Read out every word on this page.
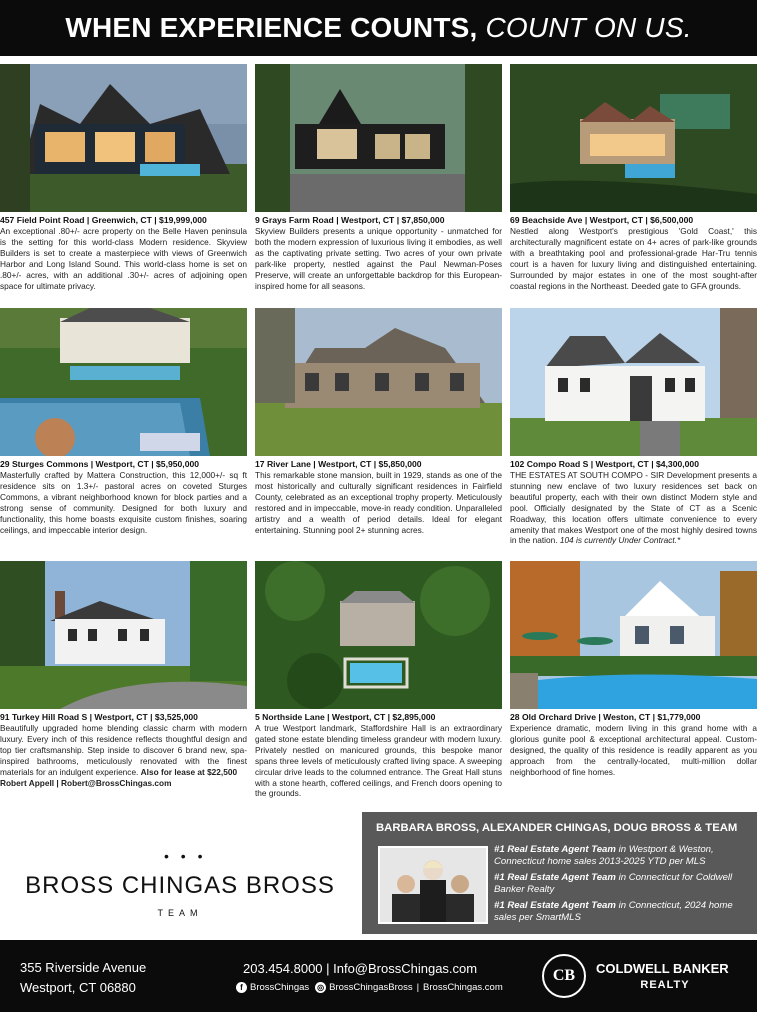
WHEN EXPERIENCE COUNTS, COUNT ON US.
457 Field Point Road | Greenwich, CT | $19,999,000
An exceptional .80+/- acre property on the Belle Haven peninsula is the setting for this world-class Modern residence. Skyview Builders is set to create a masterpiece with views of Greenwich Harbor and Long Island Sound. This world-class home is set on .80+/- acres, with an additional .30+/- acres of adjoining open space for ultimate privacy.
9 Grays Farm Road | Westport, CT | $7,850,000
Skyview Builders presents a unique opportunity - unmatched for both the modern expression of luxurious living it embodies, as well as the captivating private setting. Two acres of your own private park-like property, nestled against the Paul Newman-Poses Preserve, will create an unforgettable backdrop for this European-inspired home for all seasons.
69 Beachside Ave | Westport, CT | $6,500,000
Nestled along Westport's prestigious 'Gold Coast,' this architecturally magnificent estate on 4+ acres of park-like grounds with a breathtaking pool and professional-grade Har-Tru tennis court is a haven for luxury living and distinguished entertaining. Surrounded by major estates in one of the most sought-after coastal regions in the Northeast. Deeded gate to GFA grounds.
29 Sturges Commons | Westport, CT | $5,950,000
Masterfully crafted by Mattera Construction, this 12,000+/- sq ft residence sits on 1.3+/- pastoral acres on coveted Sturges Commons, a vibrant neighborhood known for block parties and a strong sense of community. Designed for both luxury and functionality, this home boasts exquisite custom finishes, soaring ceilings, and impeccable interior design.
17 River Lane | Westport, CT | $5,850,000
This remarkable stone mansion, built in 1929, stands as one of the most historically and culturally significant residences in Fairfield County, celebrated as an exceptional trophy property. Meticulously restored and in impeccable, move-in ready condition. Unparalleled artistry and a wealth of period details. Ideal for elegant entertaining. Stunning pool 2+ stunning acres.
102 Compo Road S | Westport, CT | $4,300,000
THE ESTATES AT SOUTH COMPO - SIR Development presents a stunning new enclave of two luxury residences set back on beautiful property, each with their own distinct Modern style and pool. Officially designated by the State of CT as a Scenic Roadway, this location offers ultimate convenience to every amenity that makes Westport one of the most highly desired towns in the nation. 104 is currently Under Contract.*
91 Turkey Hill Road S | Westport, CT | $3,525,000
Beautifully upgraded home blending classic charm with modern luxury. Every inch of this residence reflects thoughtful design and top tier craftsmanship. Step inside to discover 6 brand new, spa-inspired bathrooms, meticulously renovated with the finest materials for an indulgent experience. Also for lease at $22,500
Robert Appell | Robert@BrossChingas.com
5 Northside Lane | Westport, CT | $2,895,000
A true Westport landmark, Staffordshire Hall is an extraordinary gated stone estate blending timeless grandeur with modern luxury. Privately nestled on manicured grounds, this bespoke manor spans three levels of meticulously crafted living space. A sweeping circular drive leads to the columned entrance. The Great Hall stuns with a stone hearth, coffered ceilings, and French doors opening to the grounds.
28 Old Orchard Drive | Weston, CT | $1,779,000
Experience dramatic, modern living in this grand home with a glorious gunite pool & exceptional architectural appeal. Custom-designed, the quality of this residence is readily apparent as you approach from the centrally-located, multi-million dollar neighborhood of fine homes.
• • •
BROSS CHINGAS BROSS
TEAM
BARBARA BROSS, ALEXANDER CHINGAS, DOUG BROSS & TEAM
#1 Real Estate Agent Team in Westport & Weston, Connecticut home sales 2013-2025 YTD per MLS
#1 Real Estate Agent Team in Connecticut for Coldwell Banker Realty
#1 Real Estate Agent Team in Connecticut, 2024 home sales per SmartMLS
355 Riverside Avenue
Westport, CT 06880
203.454.8000 | Info@BrossChingas.com
f BrossChingas ◎ BrossChingasBross | BrossChingas.com
CB	COLDWELL BANKER
REALTY
